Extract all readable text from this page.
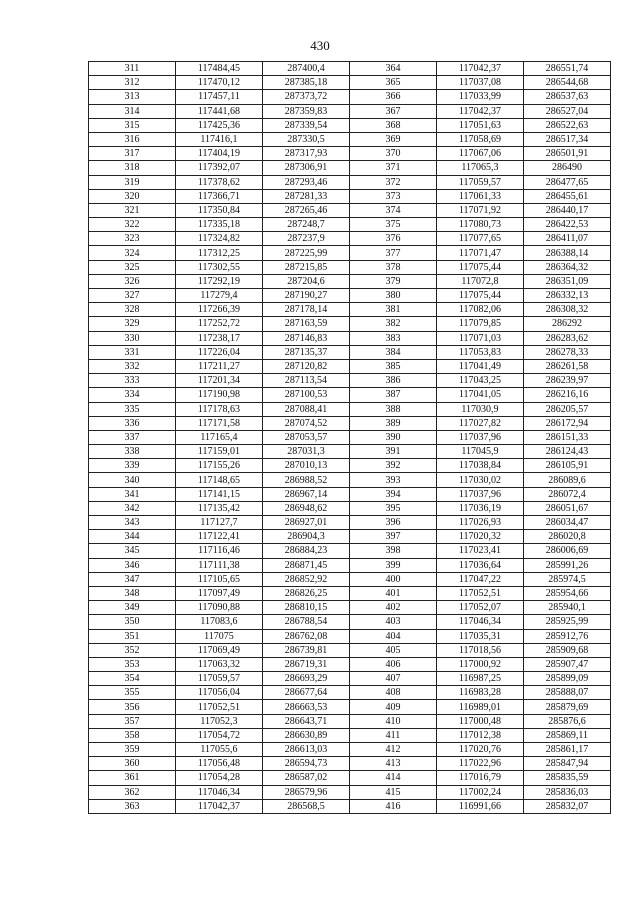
430
311	117484,45	287400,4	364	117042,37	286551,74
312	117470,12	287385,18	365	117037,08	286544,68
313	117457,11	287373,72	366	117033,99	286537,63
314	117441,68	287359,83	367	117042,37	286527,04
315	117425,36	287339,54	368	117051,63	286522,63
316	117416,1	287330,5	369	117058,69	286517,34
317	117404,19	287317,93	370	117067,06	286501,91
318	117392,07	287306,91	371	117065,3	286490
319	117378,62	287293,46	372	117059,57	286477,65
320	117366,71	287281,33	373	117061,33	286455,61
321	117350,84	287265,46	374	117071,92	286440,17
322	117335,18	287248,7	375	117080,73	286422,53
323	117324,82	287237,9	376	117077,65	286411,07
324	117312,25	287225,99	377	117071,47	286388,14
325	117302,55	287215,85	378	117075,44	286364,32
326	117292,19	287204,6	379	117072,8	286351,09
327	117279,4	287190,27	380	117075,44	286332,13
328	117266,39	287178,14	381	117082,06	286308,32
329	117252,72	287163,59	382	117079,85	286292
330	117238,17	287146,83	383	117071,03	286283,62
331	117226,04	287135,37	384	117053,83	286278,33
332	117211,27	287120,82	385	117041,49	286261,58
333	117201,34	287113,54	386	117043,25	286239,97
334	117190,98	287100,53	387	117041,05	286216,16
335	117178,63	287088,41	388	117030,9	286205,57
336	117171,58	287074,52	389	117027,82	286172,94
337	117165,4	287053,57	390	117037,96	286151,33
338	117159,01	287031,3	391	117045,9	286124,43
339	117155,26	287010,13	392	117038,84	286105,91
340	117148,65	286988,52	393	117030,02	286089,6
341	117141,15	286967,14	394	117037,96	286072,4
342	117135,42	286948,62	395	117036,19	286051,67
343	117127,7	286927,01	396	117026,93	286034,47
344	117122,41	286904,3	397	117020,32	286020,8
345	117116,46	286884,23	398	117023,41	286006,69
346	117111,38	286871,45	399	117036,64	285991,26
347	117105,65	286852,92	400	117047,22	285974,5
348	117097,49	286826,25	401	117052,51	285954,66
349	117090,88	286810,15	402	117052,07	285940,1
350	117083,6	286788,54	403	117046,34	285925,99
351	117075	286762,08	404	117035,31	285912,76
352	117069,49	286739,81	405	117018,56	285909,68
353	117063,32	286719,31	406	117000,92	285907,47
354	117059,57	286693,29	407	116987,25	285899,09
355	117056,04	286677,64	408	116983,28	285888,07
356	117052,51	286663,53	409	116989,01	285879,69
357	117052,3	286643,71	410	117000,48	285876,6
358	117054,72	286630,89	411	117012,38	285869,11
359	117055,6	286613,03	412	117020,76	285861,17
360	117056,48	286594,73	413	117022,96	285847,94
361	117054,28	286587,02	414	117016,79	285835,59
362	117046,34	286579,96	415	117002,24	285836,03
363	117042,37	286568,5	416	116991,66	285832,07
